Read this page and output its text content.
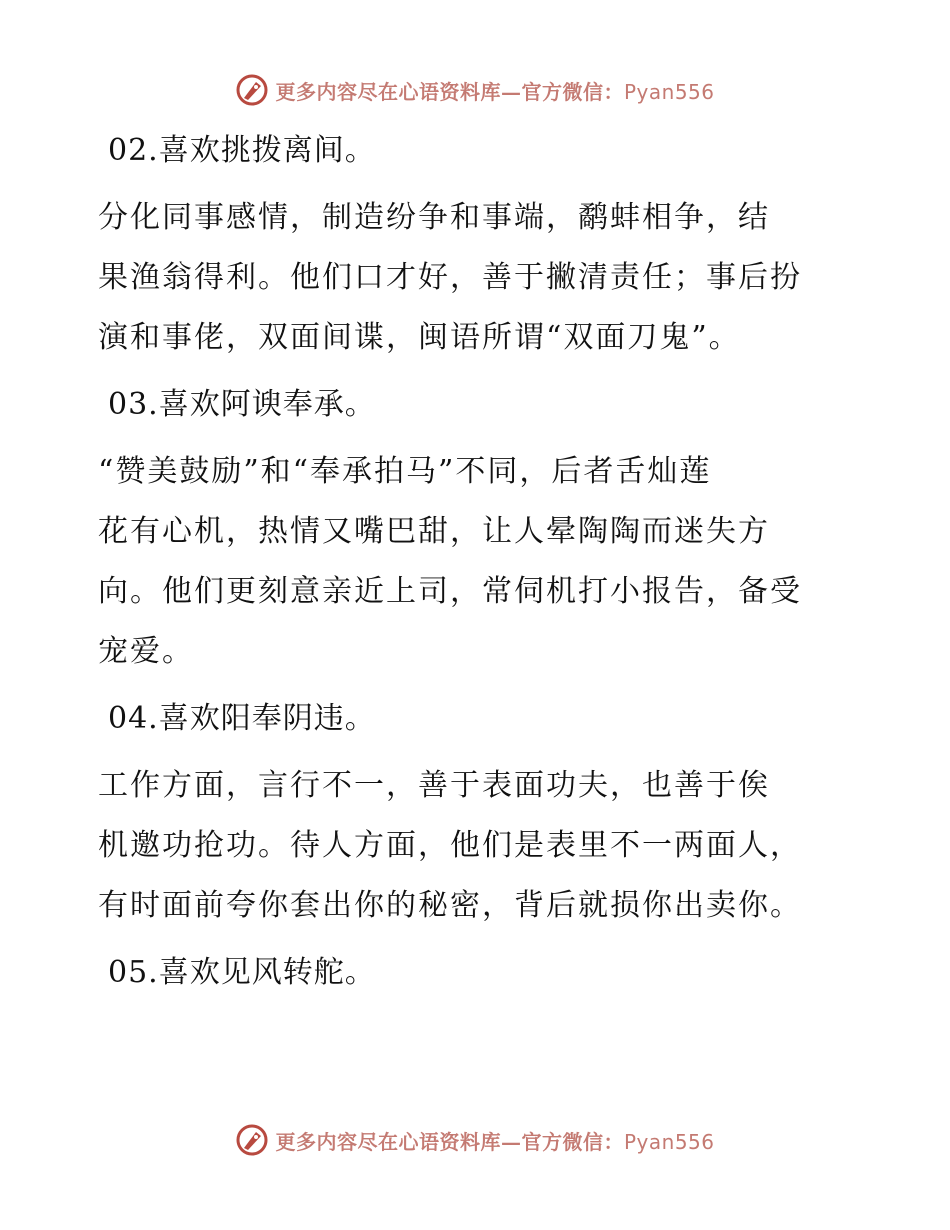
更多内容尽在心语资料库—官方微信：Pyan556
02.喜欢挑拨离间。
分化同事感情，制造纷争和事端，鹬蚌相争，结
果渔翁得利。他们口才好，善于撇清责任；事后扮
演和事佬，双面间谍，闽语所谓“双面刀鬼”。
03.喜欢阿谀奉承。
“赞美鼓励”和“奉承拍马”不同，后者舌灿莲
花有心机，热情又嘴巴甜，让人晕陶陶而迷失方
向。他们更刻意亲近上司，常伺机打小报告，备受
宠爱。
04.喜欢阳奉阴违。
工作方面，言行不一，善于表面功夫，也善于俟
机邀功抢功。待人方面，他们是表里不一两面人，
有时面前夸你套出你的秘密，背后就损你出卖你。
05.喜欢见风转舵。
更多内容尽在心语资料库—官方微信：Pyan556
